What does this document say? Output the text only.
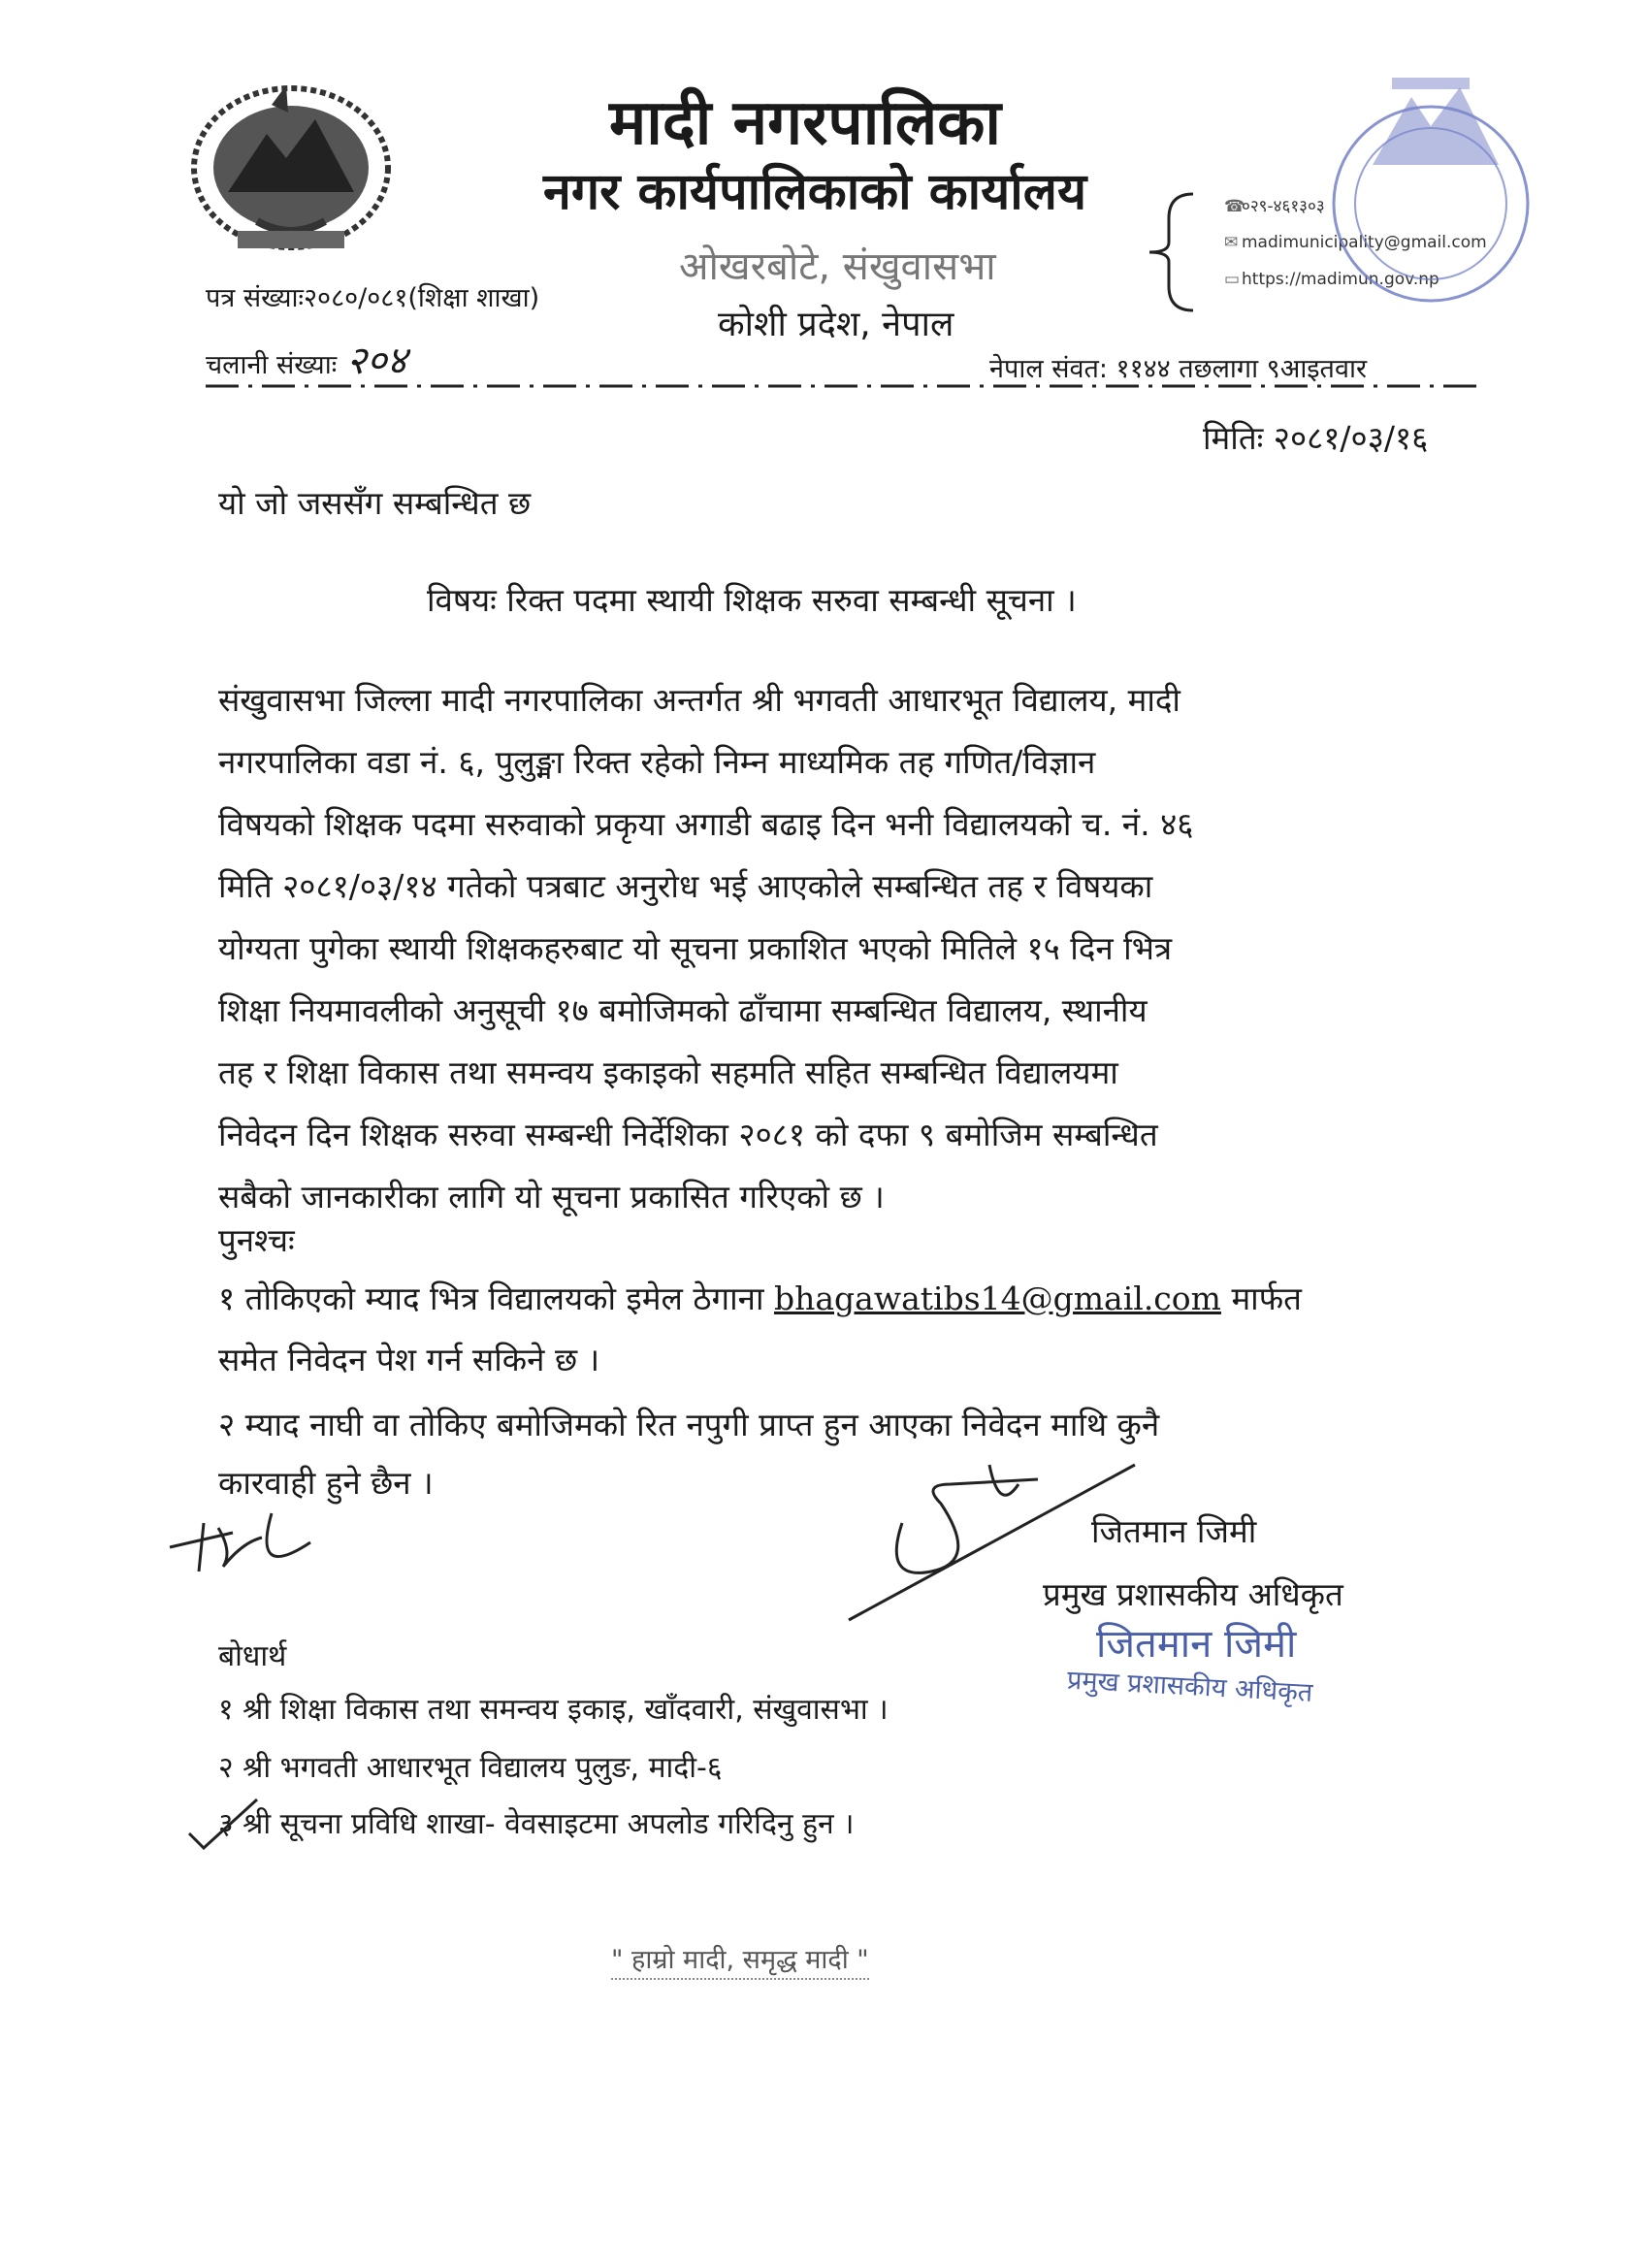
मादी नगरपालिका
नगर कार्यपालिकाको कार्यालय
ओखरबोटे, संखुवासभा
कोशी प्रदेश, नेपाल
☎०२९-४६१३०३
✉ madimunicipality@gmail.com
▭ https://madimun.gov.np
पत्र संख्याः२०८०/०८१(शिक्षा शाखा)
चलानी संख्याः २०४	नेपाल संवत: ११४४ तछलागा ९आइतवार
मितिः २०८१/०३/१६
यो जो जससँग सम्बन्धित छ
विषयः रिक्त पदमा स्थायी शिक्षक सरुवा सम्बन्धी सूचना ।
संखुवासभा जिल्ला मादी नगरपालिका अन्तर्गत श्री भगवती आधारभूत विद्यालय, मादी
नगरपालिका वडा नं. ६, पुलुङ्मा रिक्त रहेको निम्न माध्यमिक तह गणित/विज्ञान
विषयको शिक्षक पदमा सरुवाको प्रकृया अगाडी बढाइ दिन भनी विद्यालयको च. नं. ४६
मिति २०८१/०३/१४ गतेको पत्रबाट अनुरोध भई आएकोले सम्बन्धित तह र विषयका
योग्यता पुगेका स्थायी शिक्षकहरुबाट यो सूचना प्रकाशित भएको मितिले १५ दिन भित्र
शिक्षा नियमावलीको अनुसूची १७ बमोजिमको ढाँचामा सम्बन्धित विद्यालय, स्थानीय
तह र शिक्षा विकास तथा समन्वय इकाइको सहमति सहित सम्बन्धित विद्यालयमा
निवेदन दिन शिक्षक सरुवा सम्बन्धी निर्देशिका २०८१ को दफा ९ बमोजिम सम्बन्धित
सबैको जानकारीका लागि यो सूचना प्रकासित गरिएको छ ।
पुनश्चः
१ तोकिएको म्याद भित्र विद्यालयको इमेल ठेगाना bhagawatibs14@gmail.com मार्फत
समेत निवेदन पेश गर्न सकिने छ ।
२ म्याद नाघी वा तोकिए बमोजिमको रित नपुगी प्राप्त हुन आएका निवेदन माथि कुनै
कारवाही हुने छैन ।
जितमान जिमी
प्रमुख प्रशासकीय अधिकृत
जितमान जिमी
प्रमुख प्रशासकीय अधिकृत
बोधार्थ
१ श्री शिक्षा विकास तथा समन्वय इकाइ, खाँदवारी, संखुवासभा ।
२ श्री भगवती आधारभूत विद्यालय पुलुङ, मादी-६
३ श्री सूचना प्रविधि शाखा- वेवसाइटमा अपलोड गरिदिनु हुन ।
" हाम्रो मादी, समृद्ध मादी "
